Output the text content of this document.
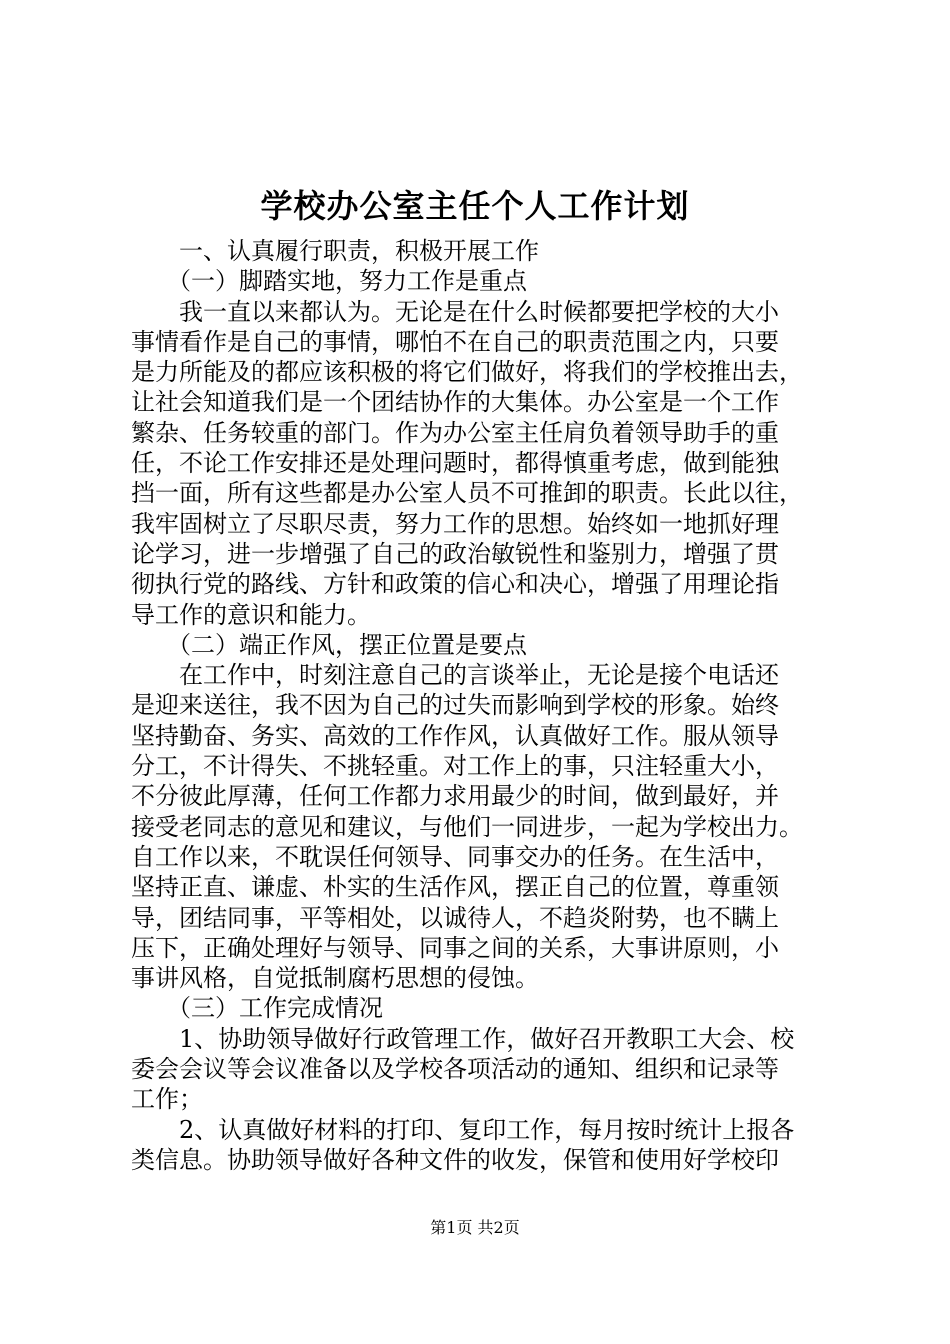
学校办公室主任个人工作计划
　　一、认真履行职责，积极开展工作
　　（一）脚踏实地，努力工作是重点
　　我一直以来都认为。无论是在什么时候都要把学校的大小
事情看作是自己的事情，哪怕不在自己的职责范围之内，只要
是力所能及的都应该积极的将它们做好，将我们的学校推出去，
让社会知道我们是一个团结协作的大集体。办公室是一个工作
繁杂、任务较重的部门。作为办公室主任肩负着领导助手的重
任，不论工作安排还是处理问题时，都得慎重考虑，做到能独
挡一面，所有这些都是办公室人员不可推卸的职责。长此以往，
我牢固树立了尽职尽责，努力工作的思想。始终如一地抓好理
论学习，进一步增强了自己的政治敏锐性和鉴别力，增强了贯
彻执行党的路线、方针和政策的信心和决心，增强了用理论指
导工作的意识和能力。
　　（二）端正作风，摆正位置是要点
　　在工作中，时刻注意自己的言谈举止，无论是接个电话还
是迎来送往，我不因为自己的过失而影响到学校的形象。始终
坚持勤奋、务实、高效的工作作风，认真做好工作。服从领导
分工，不计得失、不挑轻重。对工作上的事，只注轻重大小，
不分彼此厚薄，任何工作都力求用最少的时间，做到最好，并
接受老同志的意见和建议，与他们一同进步，一起为学校出力。
自工作以来，不耽误任何领导、同事交办的任务。在生活中，
坚持正直、谦虚、朴实的生活作风，摆正自己的位置，尊重领
导，团结同事，平等相处，以诚待人，不趋炎附势，也不瞒上
压下，正确处理好与领导、同事之间的关系，大事讲原则，小
事讲风格，自觉抵制腐朽思想的侵蚀。
　　（三）工作完成情况
　　1、协助领导做好行政管理工作，做好召开教职工大会、校
委会会议等会议准备以及学校各项活动的通知、组织和记录等
工作；
　　2、认真做好材料的打印、复印工作，每月按时统计上报各
类信息。协助领导做好各种文件的收发，保管和使用好学校印
第1页 共2页
